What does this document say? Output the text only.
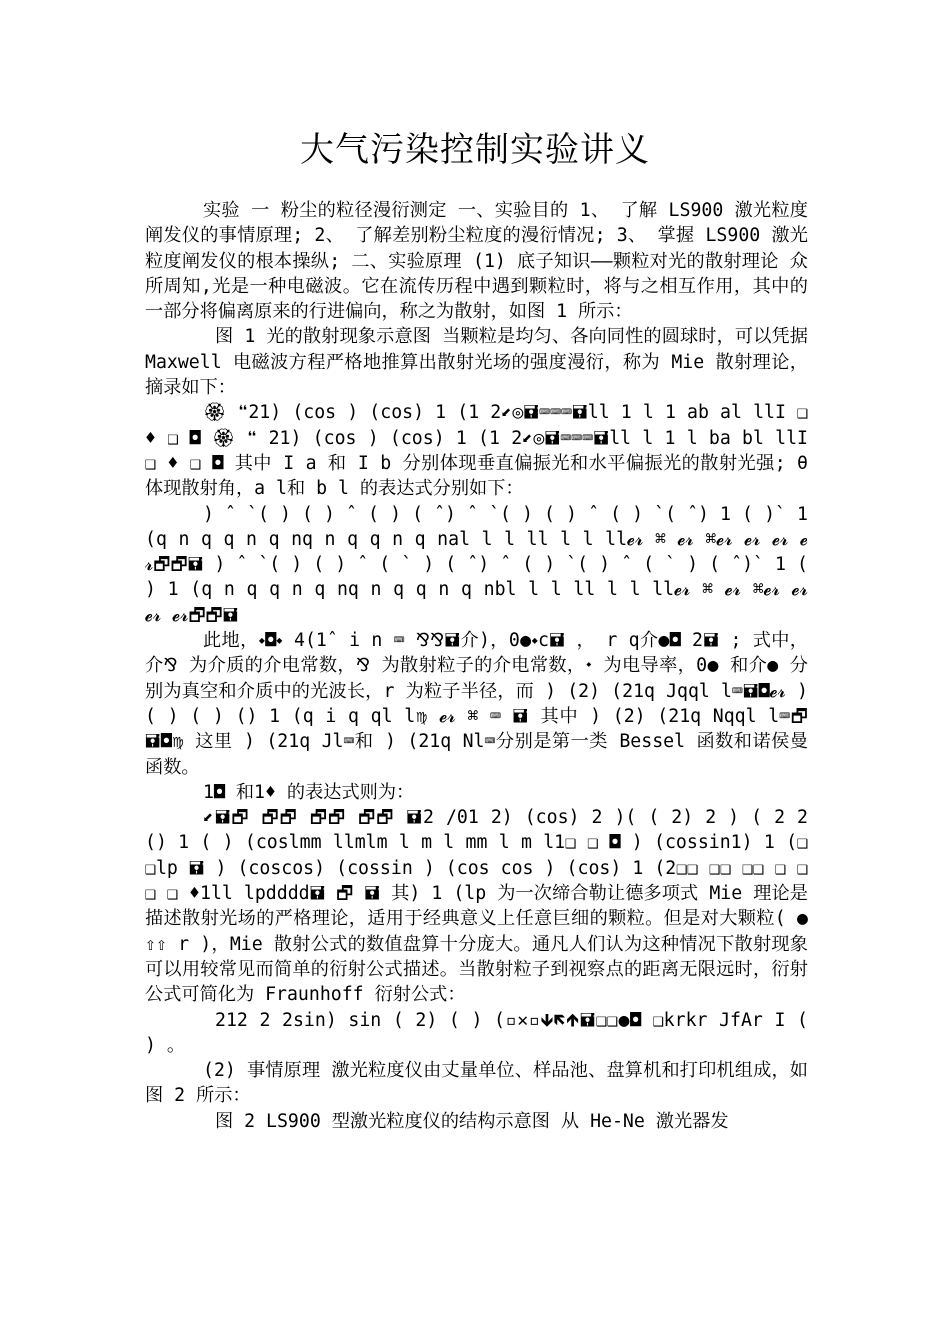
大气污染控制实验讲义

实验 一 粉尘的粒径漫衍测定 一、实验目的 1、 了解 LS900 激光粒度阐发仪的事情原理; 2、 了解差别粉尘粒度的漫衍情况; 3、 掌握 LS900 激光粒度阐发仪的根本操纵; 二、实验原理 (1) 底子知识——颗粒对光的散射理论 众所周知,光是一种电磁波。它在流传历程中遇到颗粒时，将与之相互作用，其中的一部分将偏离原来的行进偏向，称之为散射，如图 1 所示：

图 1 光的散射现象示意图 当颗粒是均匀、各向同性的圆球时，可以凭据 Maxwell 电磁波方程严格地推算出散射光场的强度漫衍，称为 Mie 散射理论，摘录如下：

🏵 ❝21) (cos ) (cos) 1 (1 2⬋◎🖬⌨⌨⌨🖬ll 1 l 1 ab al llI ❑ ♦ ❑ ◘ 🏵 ❝ 21) (cos ) (cos) 1 (1 2⬋◎🖬⌨⌨⌨🖬ll l 1 l ba bl llI ❑ ♦ ❑ ◘ 其中 I a 和 I b 分别体现垂直偏振光和水平偏振光的散射光强; θ 体现散射角，a l和 b l 的表达式分别如下：

) ˆ `( ) ( ) ˆ ( ) ( ˆ) ˆ `( ) ( ) ˆ ( ) `( ˆ) 1 ( )` 1 (q n q q n q nq n q q n q nal l l ll l l ll𝓮𝓻 ⌘ 𝓮𝓻 ⌘𝓮𝓻 𝓮𝓻 𝓮𝓻 𝓮𝓻🗗🗗🖬 ) ˆ `( ) ( ) ˆ ( ` ) ( ˆ) ˆ ( ) `( ) ˆ ( ` ) ( ˆ)` 1 ( ) 1 (q n q q n q nq n q q n q nbl l l ll l l ll𝓮𝓻 ⌘ 𝓮𝓻 ⌘𝓮𝓻 𝓮𝓻 𝓮𝓻 𝓮𝓻🗗🗗🖬

此地，⬩◘⬩ 4(1ˆ i n ⌨ ⅋⅋🖬介)，0●⬩c🖬 ， r q介●◘ 2🖬 ; 式中，介⅋ 为介质的介电常数，⅋ 为散射粒子的介电常数，⬩ 为电导率，0● 和介● 分别为真空和介质中的光波长，r 为粒子半径，而 ) (2) (21q Jqql l⌨🖬◘𝓮𝓻 ) ( ) ( ) () 1 (q i q ql l♍ 𝓮𝓻 ⌘ ⌨ 🖬 其中 ) (2) (21q Nqql l⌨🗗 🖬◘♍ 这里 ) (21q Jl⌨和 ) (21q Nl⌨分别是第一类 Bessel 函数和诺侯曼函数。

1◘ 和1♦ 的表达式则为：

⬋🖬🗗 🗗🗗 🗗🗗 🗗🗗 🖬2 /01 2) (cos) 2 )( ( 2) 2 ) ( 2 2 () 1 ( ) (coslmm llmlm l m l mm l m l1❑ ❑ ◘ ) (cossin1) 1 (❑❑lp 🖬 ) (coscos) (cossin ) (cos cos ) (cos) 1 (2❑❑ ❑❑ ❑❑ ❑ ❑❑ ❑ ♦1ll lpdddd🖬 🗗 🖬 其) 1 (lp 为一次缔合勒让德多项式 Mie 理论是描述散射光场的严格理论，适用于经典意义上任意巨细的颗粒。但是对大颗粒( ● ⇧⇧ r )，Mie 散射公式的数值盘算十分庞大。通凡人们认为这种情况下散射现象可以用较常见而简单的衍射公式描述。当散射粒子到视察点的距离无限远时，衍射公式可简化为 Fraunhoff 衍射公式：

212 2 2sin) sin ( 2) ( ) (▫✕▫🡻🡼🡹🖬❑❑●◘ ❑krkr JfAr I ( ) 。

(2) 事情原理 激光粒度仪由丈量单位、样品池、盘算机和打印机组成，如图 2 所示：

图 2 LS900 型激光粒度仪的结构示意图 从 He-Ne 激光器发
